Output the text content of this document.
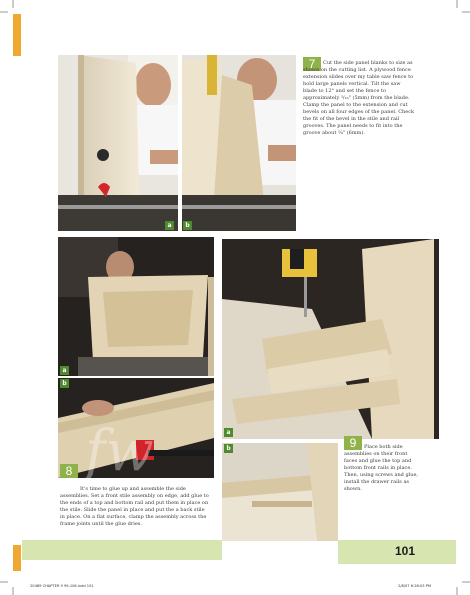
a	b
7	Cut the side panel blanks to size as shown on the cutting list. A plywood fence extension slides over my table saw fence to hold large panels vertical. Tilt the saw blade to 12° and set the fence to approximately ³/₁₆" (5mm) from the blade. Clamp the panel to the extension and cut bevels on all four edges of the panel. Check the fit of the bevel in the stile and rail grooves. The panel needs to fit into the groove about ¼" (6mm).
a
b
8
It's time to glue up and assemble the side assemblies. Set a front stile assembly on edge, add glue to the ends of a top and bottom rail and put them in place on the stile. Slide the panel in place and put the a back stile in place. On a flat surface, clamp the assembly across the frame joints until the glue dries.
a
b	9	Place both side assemblies on their front faces and glue the top and bottom front rails in place. Then, using screws and glue, install the drawer rails as shown.
fw
101
20489 CHAPTER 9 99-106.indd 101	2/8/07 6:28:03 PM
